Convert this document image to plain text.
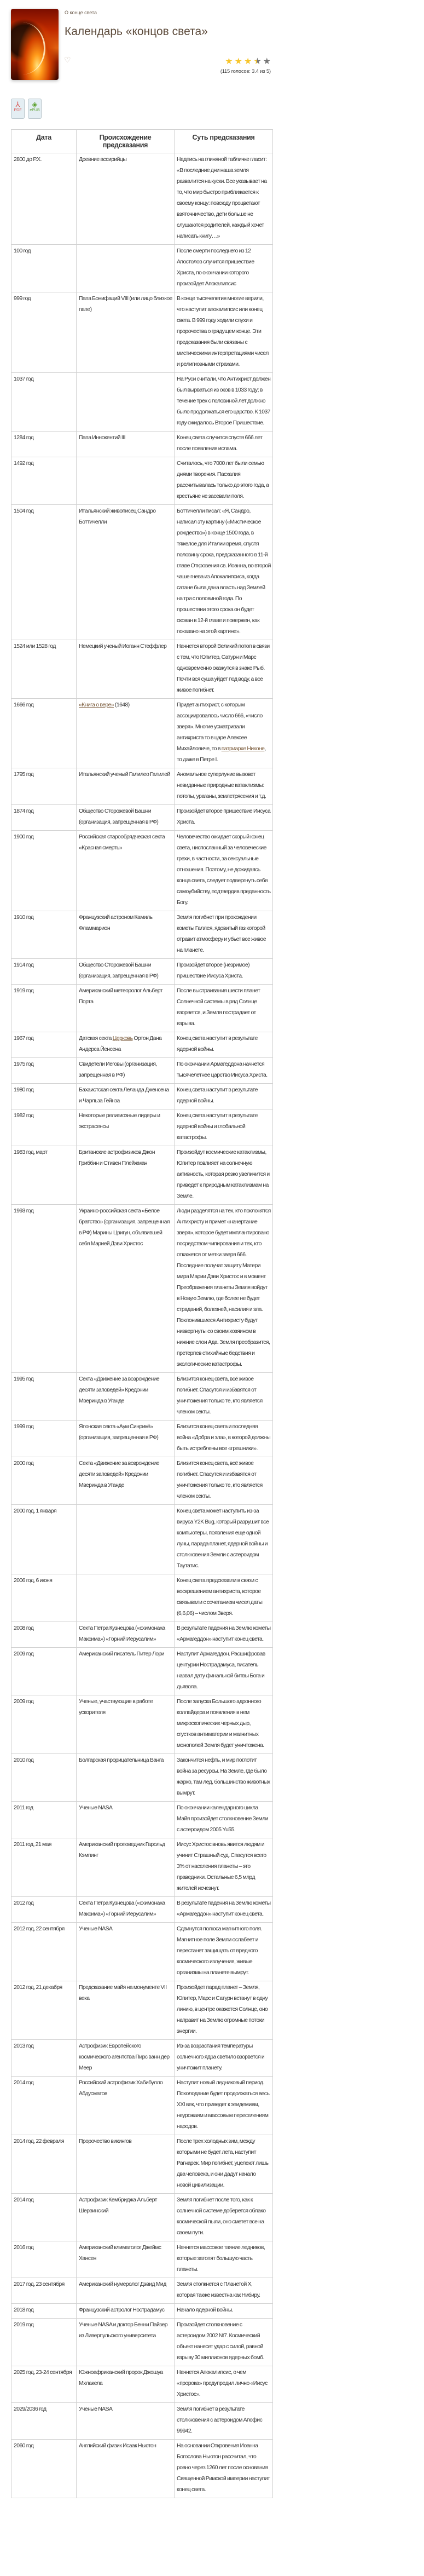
О конце света
Календарь «концов света»
♡	★ ★ ★ ★ ★
(115 голосов: 3.4 из 5)
⅄
PDF
◈
ePUB
Дата	Происхождение предсказания	Суть предсказания
2800 до Р.Х.	Древние ассирийцы	Надпись на глиняной табличке гласит: «В последние дни наша земля развалится на куски. Все указывает на то, что мир быстро приближается к своему концу: повсюду процветают взяточничество, дети больше не слушаются родителей, каждый хочет написать книгу…»
100 год		После смерти последнего из 12 Апостолов случится пришествие Христа, по окончании которого произойдет Апокалипсис
999 год	Папа Бонифаций VIII (или лицо близкое папе)	В конце тысячелетия многие верили, что наступит апокалипсис или конец света. В 999 году ходили слухи и пророчества о грядущем конце. Эти предсказания были связаны с мистическими интерпретациями чисел и религиозными страхами.
1037 год		На Руси считали, что Антихрист должен был вырваться из оков в 1033 году; в течение трех с половиной лет должно было продолжаться его царство. К 1037 году ожидалось Второе Пришествие.
1284 год	Папа Иннокентий III	Конец света случится спустя 666 лет после появления ислама.
1492 год		Считалось, что 7000 лет были семью днями творения. Пасхалия рассчитывалась только до этого года, а крестьяне не засевали поля.
1504 год	Итальянский живописец Сандро Боттичелли	Боттичелли писал: «Я, Сандро, написал эту картину («Мистическое рождество») в конце 1500 года, в тяжелое для Италии время, спустя половину срока, предсказанного в 11-й главе Откровения св. Иоанна, во второй чаше гнева из Апокалипсиса, когда сатане была дана власть над Землей на три с половиной года. По прошествии этого срока он будет скован в 12-й главе и повержен, как показано на этой картине».
1524 или 1528 год	Немецкий ученый Иоганн Стеффлер	Начнется второй Великий потоп в связи с тем, что Юпитер, Сатурн и Марс одновременно окажутся в знаке Рыб. Почти вся суша уйдет под воду, а все живое погибнет.
1666 год	«Книга о вере» (1648)	Придет антихрист, с которым ассоциировалось число 666, «число зверя». Многие усматривали антихриста то в царе Алексее Михайловиче, то в патриархе Никоне, то даже в Петре I.
1795 год	Итальянский ученый Галилео Галилей	Аномальное суперлуние вызовет невиданные природные катаклизмы: потопы, ураганы, землетрясения и т.д.
1874 год	Общество Сторожевой Башни (организация, запрещенная в РФ)	Произойдет второе пришествие Иисуса Христа.
1900 год	Российская старообрядческая секта «Красная смерть»	Человечество ожидает скорый конец света, ниспосланный за человеческие грехи, в частности, за сексуальные отношения. Поэтому, не дожидаясь конца света, следует подвергнуть себя самоубийству, подтвердив преданность Богу.
1910 год	Французский астроном Камиль Фламмарион	Земля погибнет при прохождении кометы Галлея, ядовитый газ которой отравит атмосферу и убьет все живое на планете.
1914 год	Общество Сторожевой Башни (организация, запрещенная в РФ)	Произойдет второе (незримое) пришествие Иисуса Христа.
1919 год	Американский метеоролог Альберт Порта	После выстраивания шести планет Солнечной системы в ряд Солнце взорвется, и Земля пострадает от взрыва.
1967 год	Датская секта Церковь Ортон Дана Андерса Йенсена	Конец света наступит в результате ядерной войны.
1975 год	Свидетели Иеговы (организация, запрещенная в РФ)	По окончании Армагеддона начнется тысячелетнее царство Иисуса Христа.
1980 год	Бахаистская секта Леланда Дженсена и Чарльза Гейнза	Конец света наступит в результате ядерной войны.
1982 год	Некоторые религиозные лидеры и экстрасенсы	Конец света наступит в результате ядерной войны и глобальной катастрофы.
1983 год, март	Британские астрофизиков Джон Гриббин и Стивен Плейжман	Произойдут космические катаклизмы, Юпитер повлияет на солнечную активность, которая резко увеличится и приведет к природным катаклизмам на Земле.
1993 год	Украино-российская секта «Белое братство» (организация, запрещенная в РФ) Марины Цвигун, объявившей себя Марией Дэви Христос	Люди разделятся на тех, кто поклонятся Антихристу и примет «начертание зверя», которое будет имплантировано посредством чипирования и тех, кто откажется от метки зверя 666. Последние получат защиту Матери мира Марии Дэви Христос и в момент Преображения планеты Земля войдут в Новую Землю, где более не будет страданий, болезней, насилия и зла. Поклонившиеся Антихристу будут низвергнуты со своим хозяином в нижние слои Ада. Земля преобразится, претерпев стихийные бедствия и экологические катастрофы.
1995 год	Секта «Движение за возрождение десяти заповедей» Кредонии Мверинда в Уганде	Близится конец света, всё живое погибнет. Спасутся и избавятся от уничтожения только те, кто является членом секты.
1999 год	Японская секта «Аум Синрикё» (организация, запрещенная в РФ)	Близится конец света и последняя война «Добра и зла», в которой должны быть истреблены все «грешники».
2000 год	Секта «Движение за возрождение десяти заповедей» Кредонии Мверинда в Уганде	Близится конец света, всё живое погибнет. Спасутся и избавятся от уничтожения только те, кто является членом секты.
2000 год, 1 января		Конец света может наступить из-за вируса Y2K Bug, который разрушит все компьютеры, появления еще одной луны, парада планет, ядерной войны и столкновения Земли с астероидом Таутатис.
2006 год, 6 июня		Конец света предсказали в связи с воскрешением антихриста, которое связывали с сочетанием чисел даты (6,6,06) – числом Зверя.
2008 год	Секта Петра Кузнецова («схимонаха Максима») «Горний Иерусалим»	В результате падения на Землю кометы «Армагеддон» наступит конец света.
2009 год	Американский писатель Питер Лори	Наступит Армагеддон. Расшифровав центурии Нострадамуса, писатель назвал дату финальной битвы Бога и дьявола.
2009 год	Ученые, участвующие в работе ускорителя	После запуска Большого адронного коллайдера и появления в нем микроскопических черных дыр, сгустков антиматерии и магнитных монополей Земля будет уничтожена.
2010 год	Болгарская прорицательница Ванга	Закончится нефть, и мир поглотит война за ресурсы. На Земле, где было жарко, там лед, большинство животных вымрут.
2011 год	Ученые NASA	По окончании календарного цикла Майя произойдет столкновение Земли с астероидом 2005 Yu55.
2011 год, 21 мая	Американский проповедник Гарольд Кэмпинг	Иисус Христос вновь явится людям и учинит Страшный суд. Спасутся всего 3% от населения планеты – это праведники. Остальные 6,5 млрд жителей исчезнут.
2012 год	Секта Петра Кузнецова («схимонаха Максима») «Горний Иерусалим»	В результате падения на Землю кометы «Армагеддон» наступит конец света.
2012 год, 22 сентября	Ученые NASA	Сдвинутся полюса магнитного поля. Магнитное поле Земли ослабеет и перестанет защищать от вредного космического излучения, живые организмы на планете вымрут.
2012 год, 21 декабря	Предсказание майя на монументе VII века	Произойдет парад планет – Земля, Юпитер, Марс и Сатурн встанут в одну линию, в центре окажется Солнце, оно направит на Землю огромные потоки энергии.
2013 год	Астрофизик Европейского космического агентства Пирс ванн дер Меер	Из-за возрастания температуры солнечного ядра светило взорвется и уничтожит планету.
2014 год	Российский астрофизик Хабибулло Абдусматов	Наступит новый ледниковый период. Похолодание будет продолжаться весь XXI век, что приведет к эпидемиям, неурожаям и массовым переселениям народов.
2014 год, 22 февраля	Пророчество викингов	После трех холодных зим, между которыми не будет лета, наступит Рагнарек. Мир погибнет, уцелеют лишь два человека, и они дадут начало новой цивилизации.
2014 год	Астрофизик Кембриджа Альберт Шервинский	Земля погибнет после того, как к солнечной системе доберется облако космической пыли, оно сметет все на своем пути.
2016 год	Американский климатолог Джеймс Хансен	Начнется массовое таяние ледников, которые затопят большую часть планеты.
2017 год, 23 сентября	Американский нумеролог Дэвид Мид	Земля столкнется с Планетой X, которая также известна как Нибиру.
2018 год	Французский астролог Нострадамус	Начало ядерной войны.
2019 год	Ученые NASA и доктор Бенни Пайзер из Ливерпульского университета	Произойдет столкновение с астероидом 2002 Nt7. Космический объект нанесет удар с силой, равной взрыву 30 миллионов ядерных бомб.
2025 год, 23-24 сентября	Южноафриканский пророк Джошуа Мхлакела	Начнется Апокалипсис, о чем «пророка» предупредил лично «Иисус Христос».
2029/2036 год	Ученые NASA	Земля погибнет в результате столкновения с астероидом Апофис 99942.
2060 год	Английский физик Исаак Ньютон	На основании Откровения Иоанна Богослова Ньютон рассчитал, что ровно через 1260 лет после основания Священной Римской империи наступит конец света.
